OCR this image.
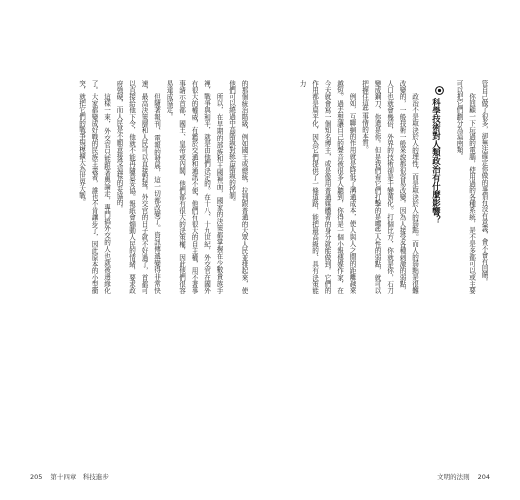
的那個統治階級，例如國王或總統，拉到跟普通的大眾人民並排起來，使他們可以繞過中高階級對統治階級的控制。

所以，在早期的部族和王國裡面，國家的決策都掌握在少數貴族手裡，戰爭與和平，就是由他們決定的。在十八、十九世紀，外交官在國外有很大的權威，有鑑於交通和通訊不便，他們有很大的自主權，用不著事事請示首都，國王、皇帝或內閣，他們都有很大的決策權，因此他們很容易達成協定。

但隨著報刊、電報的發展，這一切都改變了。資訊傳遞變得非常快速，最高決策層和人民可以直接對接。外交官的日子就不好過了，首都可以直接給他下令，他就不能再隨意妥協。報紙會煽動人民的情緒，要求政府強硬，而人民是不願意接受這樣的妥協的。

這樣一來，外交官只能跟著輿論走，專門搞外交的人也就被邊緣化了。大家都變成好戰的民族主義者，誰也不肯讓步了，因此原本的小型衝突，就把它們的戰爭規模擴大為世界大戰。

205 第十四章　科技進步

管自己做了很多，卻無法確定你做的事情有沒有意義，會不會有回饋。

你回顧一下玩過的電腦，使用過的各種系統，是不是多都可以或主要可以把它們劃分為這兩類。

科學技術對人類政治有什麼影響？

政治不是取決於人的理性，而是取決於人的弱點。而人的弱點是很難改變的，一般技術一般來說都很容易改變。因為人接受各種刺激的弱點，人口也就會幾倍，外界的技術卻是千變萬化。打個比方，你就是你，石刀變成鋼刀，你還是你。但是我們看它們打擊的是哪些人性的弱點，就可以把握住這些事情的本質。

例如，互聯網的作用就是降低了溝通成本，使人與人之間的距離越來越短。過去想讓自己的聲音被很多人聽到，你得是一個小報傳媒作家，在今天就會寫一個知名博主，或是像用普通媒體者的身分就能做到。它們的作用都是扁平化，因為它們提供了一條道路，能把最高級的、具有決策能力

文明的法則 204
